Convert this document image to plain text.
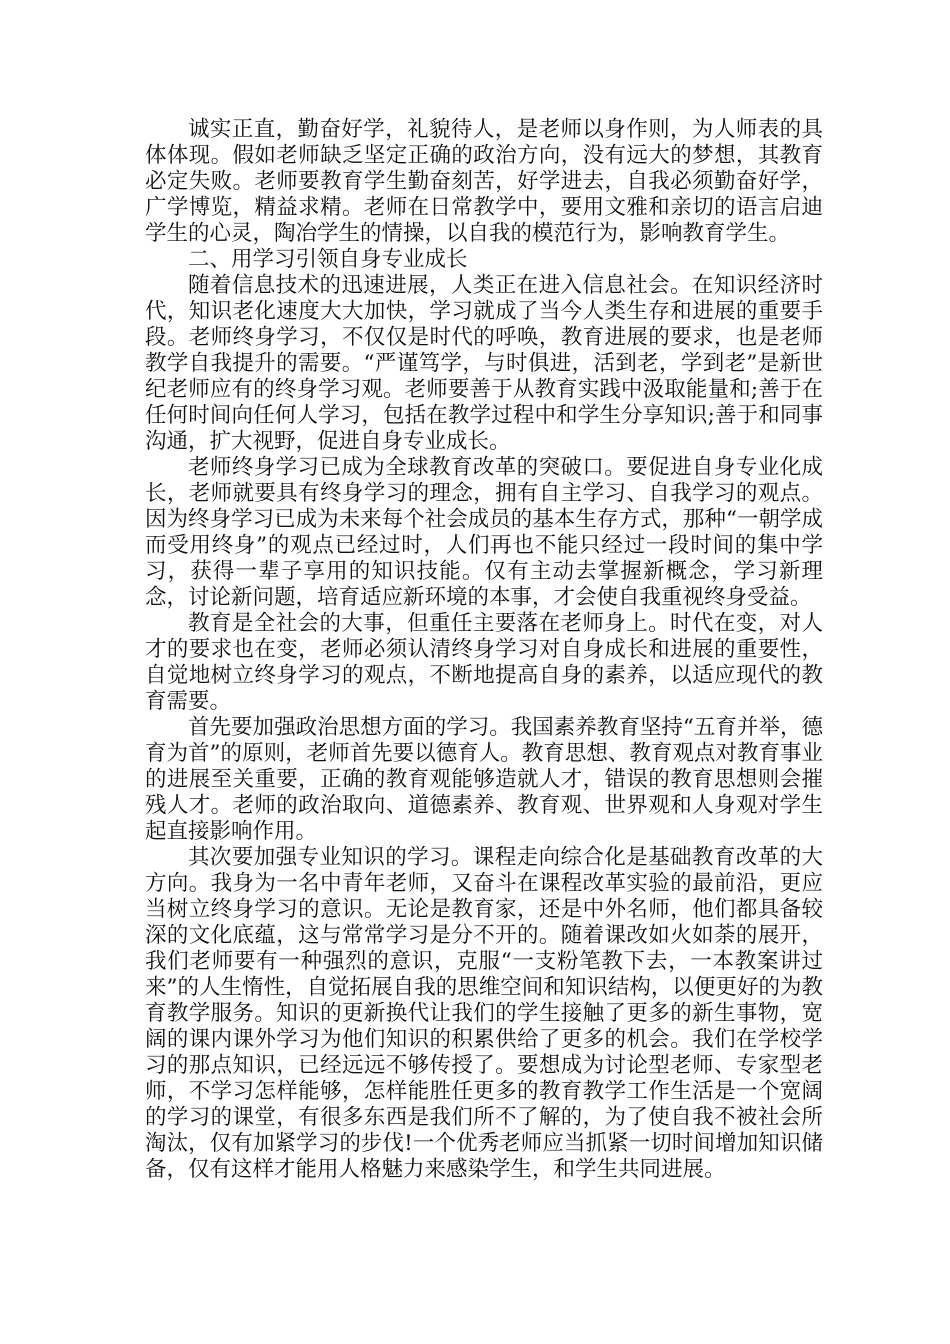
诚实正直，勤奋好学，礼貌待人，是老师以身作则，为人师表的具体体现。假如老师缺乏坚定正确的政治方向，没有远大的梦想，其教育必定失败。老师要教育学生勤奋刻苦，好学进去，自我必须勤奋好学，广学博览，精益求精。老师在日常教学中，要用文雅和亲切的语言启迪学生的心灵，陶冶学生的情操，以自我的模范行为，影响教育学生。

二、用学习引领自身专业成长

随着信息技术的迅速进展，人类正在进入信息社会。在知识经济时代，知识老化速度大大加快，学习就成了当今人类生存和进展的重要手段。老师终身学习，不仅仅是时代的呼唤，教育进展的要求，也是老师教学自我提升的需要。“严谨笃学，与时俱进，活到老，学到老”是新世纪老师应有的终身学习观。老师要善于从教育实践中汲取能量和;善于在任何时间向任何人学习，包括在教学过程中和学生分享知识;善于和同事沟通，扩大视野，促进自身专业成长。

老师终身学习已成为全球教育改革的突破口。要促进自身专业化成长，老师就要具有终身学习的理念，拥有自主学习、自我学习的观点。因为终身学习已成为未来每个社会成员的基本生存方式，那种“一朝学成而受用终身”的观点已经过时，人们再也不能只经过一段时间的集中学习，获得一辈子享用的知识技能。仅有主动去掌握新概念，学习新理念，讨论新问题，培育适应新环境的本事，才会使自我重视终身受益。

教育是全社会的大事，但重任主要落在老师身上。时代在变，对人才的要求也在变，老师必须认清终身学习对自身成长和进展的重要性，自觉地树立终身学习的观点，不断地提高自身的素养，以适应现代的教育需要。

首先要加强政治思想方面的学习。我国素养教育坚持“五育并举，德育为首”的原则，老师首先要以德育人。教育思想、教育观点对教育事业的进展至关重要，正确的教育观能够造就人才，错误的教育思想则会摧残人才。老师的政治取向、道德素养、教育观、世界观和人身观对学生起直接影响作用。

其次要加强专业知识的学习。课程走向综合化是基础教育改革的大方向。我身为一名中青年老师，又奋斗在课程改革实验的最前沿，更应当树立终身学习的意识。无论是教育家，还是中外名师，他们都具备较深的文化底蕴，这与常常学习是分不开的。随着课改如火如荼的展开，我们老师要有一种强烈的意识，克服“一支粉笔教下去，一本教案讲过来”的人生惰性，自觉拓展自我的思维空间和知识结构，以便更好的为教育教学服务。知识的更新换代让我们的学生接触了更多的新生事物，宽阔的课内课外学习为他们知识的积累供给了更多的机会。我们在学校学习的那点知识，已经远远不够传授了。要想成为讨论型老师、专家型老师，不学习怎样能够，怎样能胜任更多的教育教学工作生活是一个宽阔的学习的课堂，有很多东西是我们所不了解的，为了使自我不被社会所淘汰，仅有加紧学习的步伐!一个优秀老师应当抓紧一切时间增加知识储备，仅有这样才能用人格魅力来感染学生，和学生共同进展。
